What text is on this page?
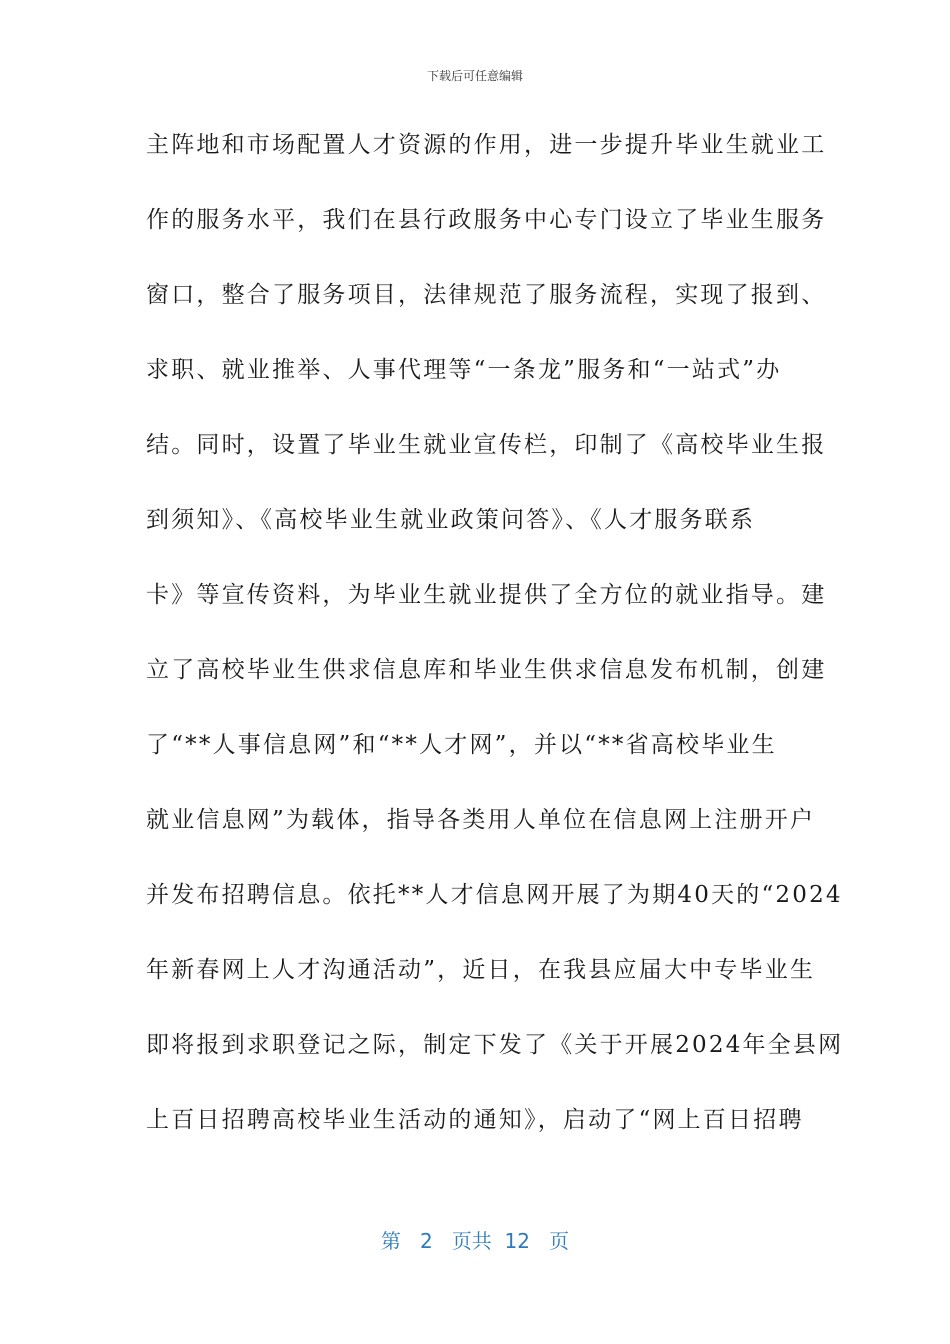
下载后可任意编辑
主阵地和市场配置人才资源的作用，进一步提升毕业生就业工
作的服务水平，我们在县行政服务中心专门设立了毕业生服务
窗口，整合了服务项目，法律规范了服务流程，实现了报到、
求职、就业推举、人事代理等“一条龙”服务和“一站式”办
结。同时，设置了毕业生就业宣传栏，印制了《高校毕业生报
到须知》、《高校毕业生就业政策问答》、《人才服务联系
卡》等宣传资料，为毕业生就业提供了全方位的就业指导。建
立了高校毕业生供求信息库和毕业生供求信息发布机制，创建
了“**人事信息网”和“**人才网”，并以“**省高校毕业生
就业信息网”为载体，指导各类用人单位在信息网上注册开户
并发布招聘信息。依托**人才信息网开展了为期40天的“2024
年新春网上人才沟通活动”，近日，在我县应届大中专毕业生
即将报到求职登记之际，制定下发了《关于开展2024年全县网
上百日招聘高校毕业生活动的通知》，启动了“网上百日招聘
第 2 页共 12 页
